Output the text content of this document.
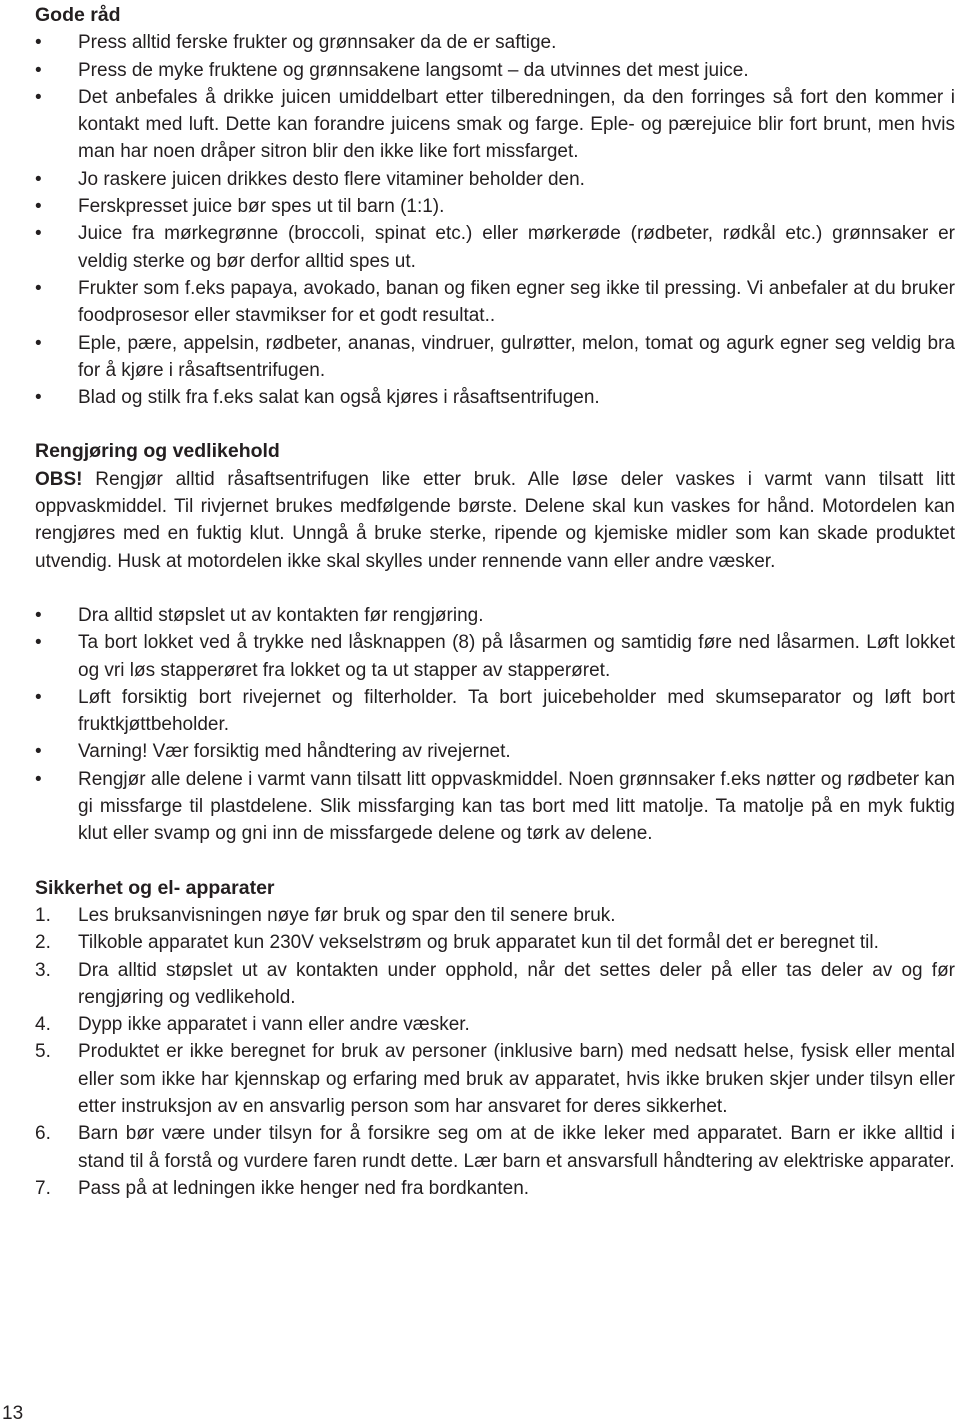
Gode råd
•	Press alltid ferske frukter og grønnsaker da de er saftige.
•	Press de myke fruktene og grønnsakene langsomt – da utvinnes det mest juice.
•	Det anbefales å drikke juicen umiddelbart etter tilberedningen, da den forringes så fort den kommer i kontakt med luft. Dette kan forandre juicens smak og farge. Eple- og pærejuice blir fort brunt, men hvis man har noen dråper sitron blir den ikke like fort missfarget.
•	Jo raskere juicen drikkes desto flere vitaminer beholder den.
•	Ferskpresset juice bør spes ut til barn (1:1).
•	Juice fra mørkegrønne (broccoli, spinat etc.) eller mørkerøde (rødbeter, rødkål etc.) grønnsaker er veldig sterke og bør derfor alltid spes ut.
•	Frukter som f.eks papaya, avokado, banan og fiken egner seg ikke til pressing. Vi anbefaler at du bruker foodprosesor eller stavmikser for et godt resultat..
•	Eple, pære, appelsin, rødbeter, ananas, vindruer, gulrøtter, melon, tomat og agurk egner seg veldig bra for å kjøre i råsaftsentrifugen.
•	Blad og stilk fra f.eks salat kan også kjøres i råsaftsentrifugen.
Rengjøring og vedlikehold

OBS! Rengjør alltid råsaftsentrifugen like etter bruk. Alle løse deler vaskes i varmt vann tilsatt litt oppvaskmiddel. Til rivjernet brukes medfølgende børste. Delene skal kun vaskes for hånd. Motordelen kan rengjøres med en fuktig klut. Unngå å bruke sterke, ripende og kjemiske midler som kan skade produktet utvendig. Husk at motordelen ikke skal skylles under rennende vann eller andre væsker.

•	Dra alltid støpslet ut av kontakten før rengjøring.
•	Ta bort lokket ved å trykke ned låsknappen (8) på låsarmen og samtidig føre ned låsarmen. Løft lokket og vri løs stapperøret fra lokket og ta ut stapper av stapperøret.
•	Løft forsiktig bort rivejernet og filterholder. Ta bort juicebeholder med skumseparator og løft bort fruktkjøttbeholder.
•	Varning! Vær forsiktig med håndtering av rivejernet.
•	Rengjør alle delene i varmt vann tilsatt litt oppvaskmiddel. Noen grønnsaker f.eks nøtter og rødbeter kan gi missfarge til plastdelene. Slik missfarging kan tas bort med litt matolje. Ta matolje på en myk fuktig klut eller svamp og gni inn de missfargede delene og tørk av delene.
Sikkerhet og el- apparater
1.	Les bruksanvisningen nøye før bruk og spar den til senere bruk.
2.	Tilkoble apparatet kun 230V vekselstrøm og bruk apparatet kun til det formål det er beregnet til.
3.	Dra alltid støpslet ut av kontakten under opphold, når det settes deler på eller tas deler av og før rengjøring og vedlikehold.
4.	Dypp ikke apparatet i vann eller andre væsker.
5.	Produktet er ikke beregnet for bruk av personer (inklusive barn) med nedsatt helse, fysisk eller mental eller som ikke har kjennskap og erfaring med bruk av apparatet, hvis ikke bruken skjer under tilsyn eller etter instruksjon av en ansvarlig person som har ansvaret for deres sikkerhet.
6.	Barn bør være under tilsyn for å forsikre seg om at de ikke leker med apparatet. Barn er ikke alltid i stand til å forstå og vurdere faren rundt dette. Lær barn et ansvarsfull håndtering av elektriske apparater.
7.	Pass på at ledningen ikke henger ned fra bordkanten.
13
